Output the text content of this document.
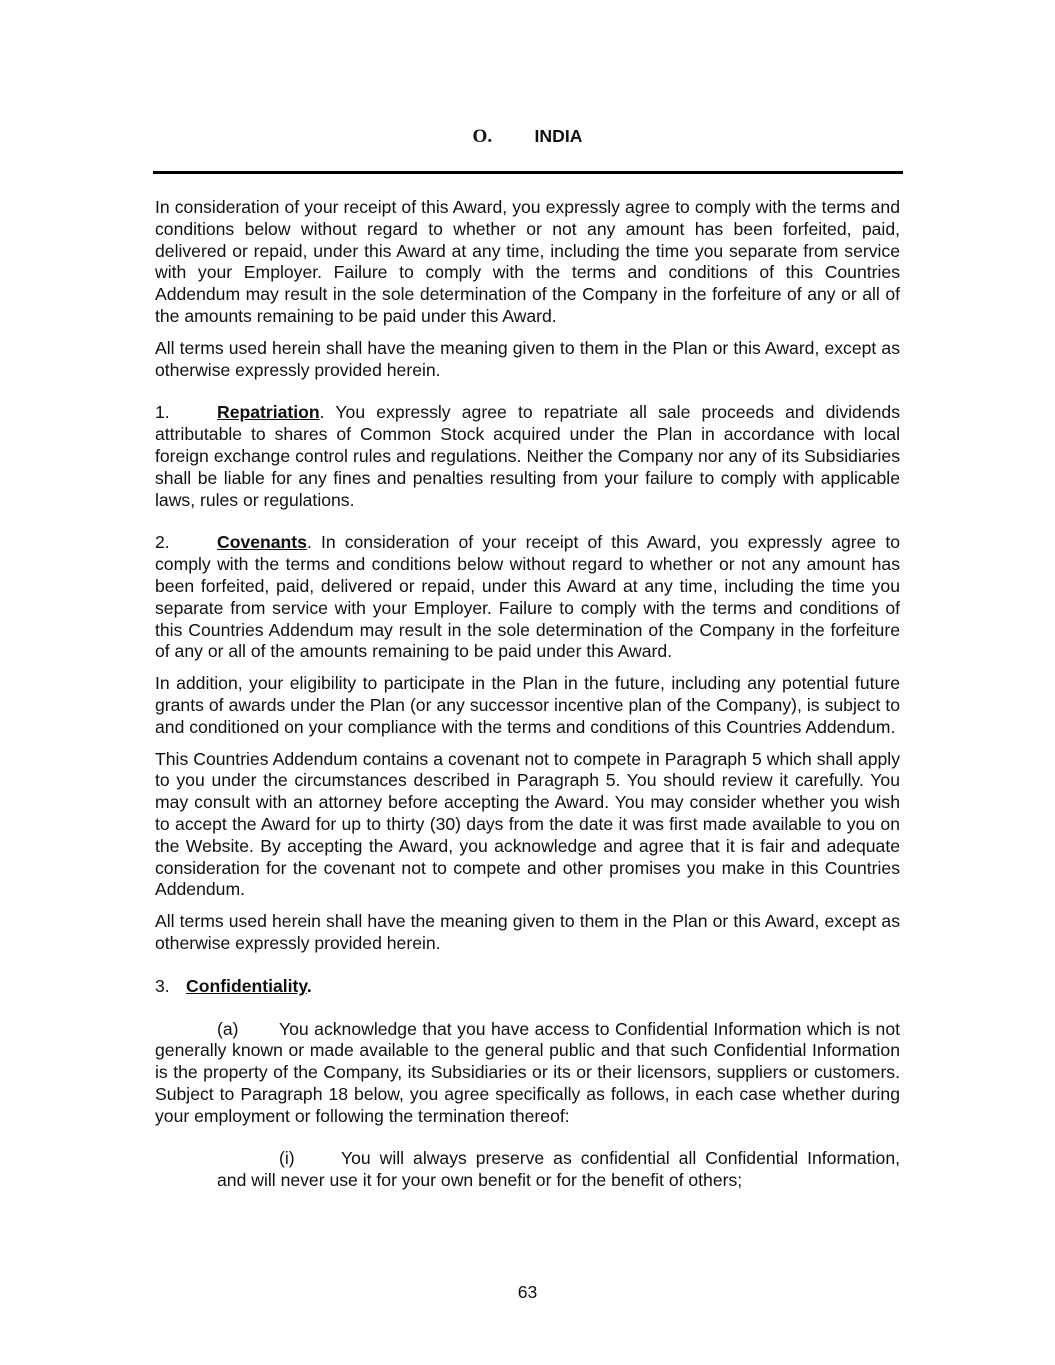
O. INDIA

In consideration of your receipt of this Award, you expressly agree to comply with the terms and conditions below without regard to whether or not any amount has been forfeited, paid, delivered or repaid, under this Award at any time, including the time you separate from service with your Employer. Failure to comply with the terms and conditions of this Countries Addendum may result in the sole determination of the Company in the forfeiture of any or all of the amounts remaining to be paid under this Award.

All terms used herein shall have the meaning given to them in the Plan or this Award, except as otherwise expressly provided herein.

1.	Repatriation. You expressly agree to repatriate all sale proceeds and dividends attributable to shares of Common Stock acquired under the Plan in accordance with local foreign exchange control rules and regulations. Neither the Company nor any of its Subsidiaries shall be liable for any fines and penalties resulting from your failure to comply with applicable laws, rules or regulations.

2.	Covenants. In consideration of your receipt of this Award, you expressly agree to comply with the terms and conditions below without regard to whether or not any amount has been forfeited, paid, delivered or repaid, under this Award at any time, including the time you separate from service with your Employer. Failure to comply with the terms and conditions of this Countries Addendum may result in the sole determination of the Company in the forfeiture of any or all of the amounts remaining to be paid under this Award.

In addition, your eligibility to participate in the Plan in the future, including any potential future grants of awards under the Plan (or any successor incentive plan of the Company), is subject to and conditioned on your compliance with the terms and conditions of this Countries Addendum.

This Countries Addendum contains a covenant not to compete in Paragraph 5 which shall apply to you under the circumstances described in Paragraph 5. You should review it carefully. You may consult with an attorney before accepting the Award. You may consider whether you wish to accept the Award for up to thirty (30) days from the date it was first made available to you on the Website. By accepting the Award, you acknowledge and agree that it is fair and adequate consideration for the covenant not to compete and other promises you make in this Countries Addendum.

All terms used herein shall have the meaning given to them in the Plan or this Award, except as otherwise expressly provided herein.

3. Confidentiality.

(a) You acknowledge that you have access to Confidential Information which is not generally known or made available to the general public and that such Confidential Information is the property of the Company, its Subsidiaries or its or their licensors, suppliers or customers. Subject to Paragraph 18 below, you agree specifically as follows, in each case whether during your employment or following the termination thereof:

(i)	You will always preserve as confidential all Confidential Information, and will never use it for your own benefit or for the benefit of others;

63
